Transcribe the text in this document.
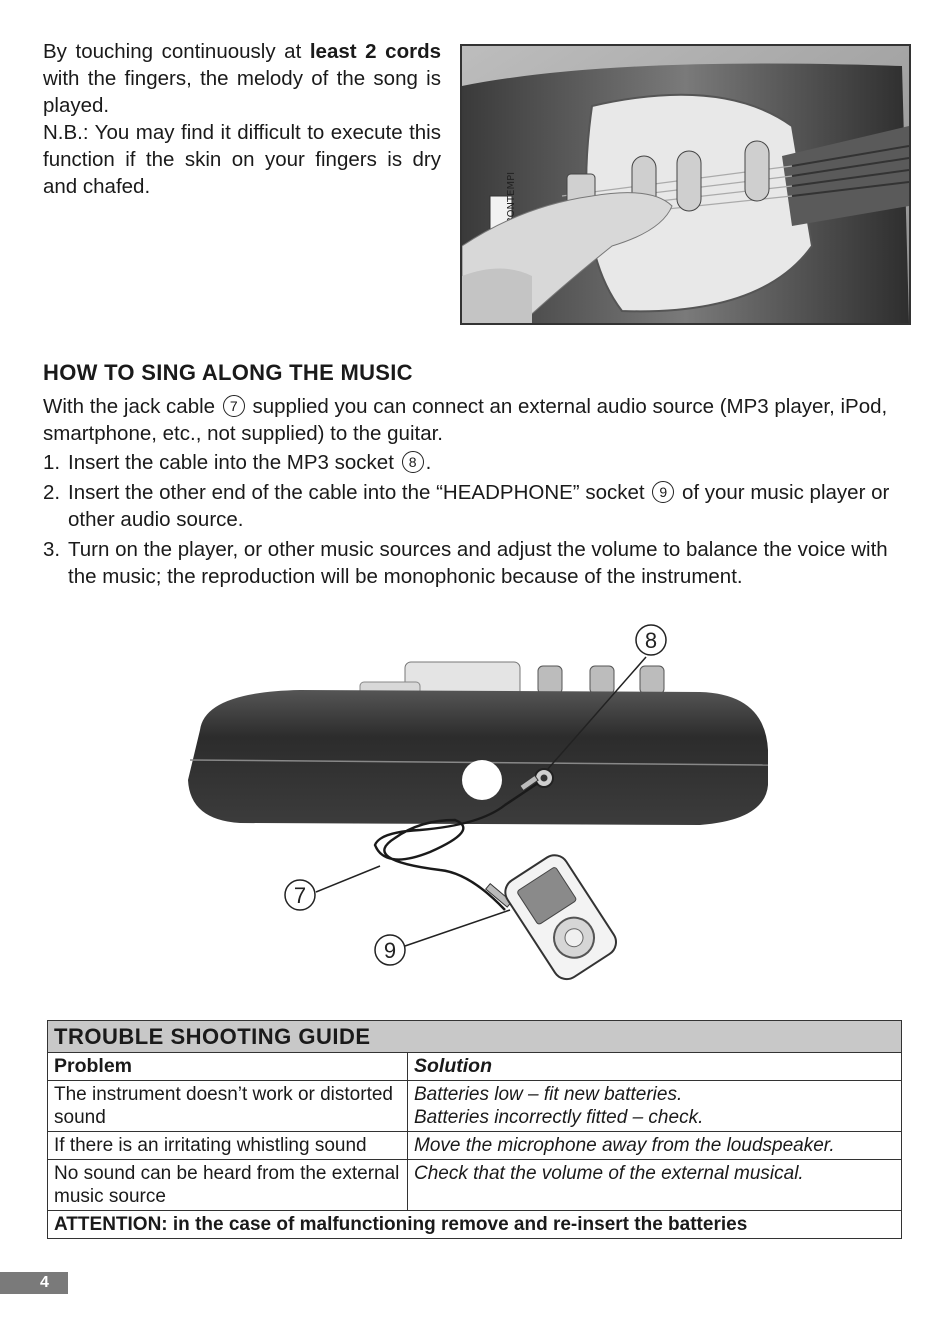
By touching continuously at least 2 cords with the fingers, the melody of the song is played.

N.B.: You may find it difficult to execute this function if the skin on your fingers is dry and chafed.	BONTEMPI
HOW TO SING ALONG THE MUSIC

With the jack cable 7 supplied you can connect an external audio source (MP3 player, iPod, smartphone, etc., not supplied) to the guitar.

1. Insert the cable into the MP3 socket 8 .
2. Insert the other end of the cable into the “HEADPHONE” socket 9 of your music player or other audio source.
3. Turn on the player, or other music sources and adjust the volume to balance the voice with the music; the reproduction will be monophonic because of the instrument.
8
7
9
TROUBLE SHOOTING GUIDE	
Problem	Solution
The instrument doesn’t work or distorted sound	Batteries low – fit new batteries.
Batteries incorrectly fitted – check.

If there is an irritating whistling sound	Move the microphone away from the loudspeaker.
No sound can be heard from the external music source	Check that the volume of the external musical.
ATTENTION: in the case of malfunctioning remove and re-insert the batteries	
4
